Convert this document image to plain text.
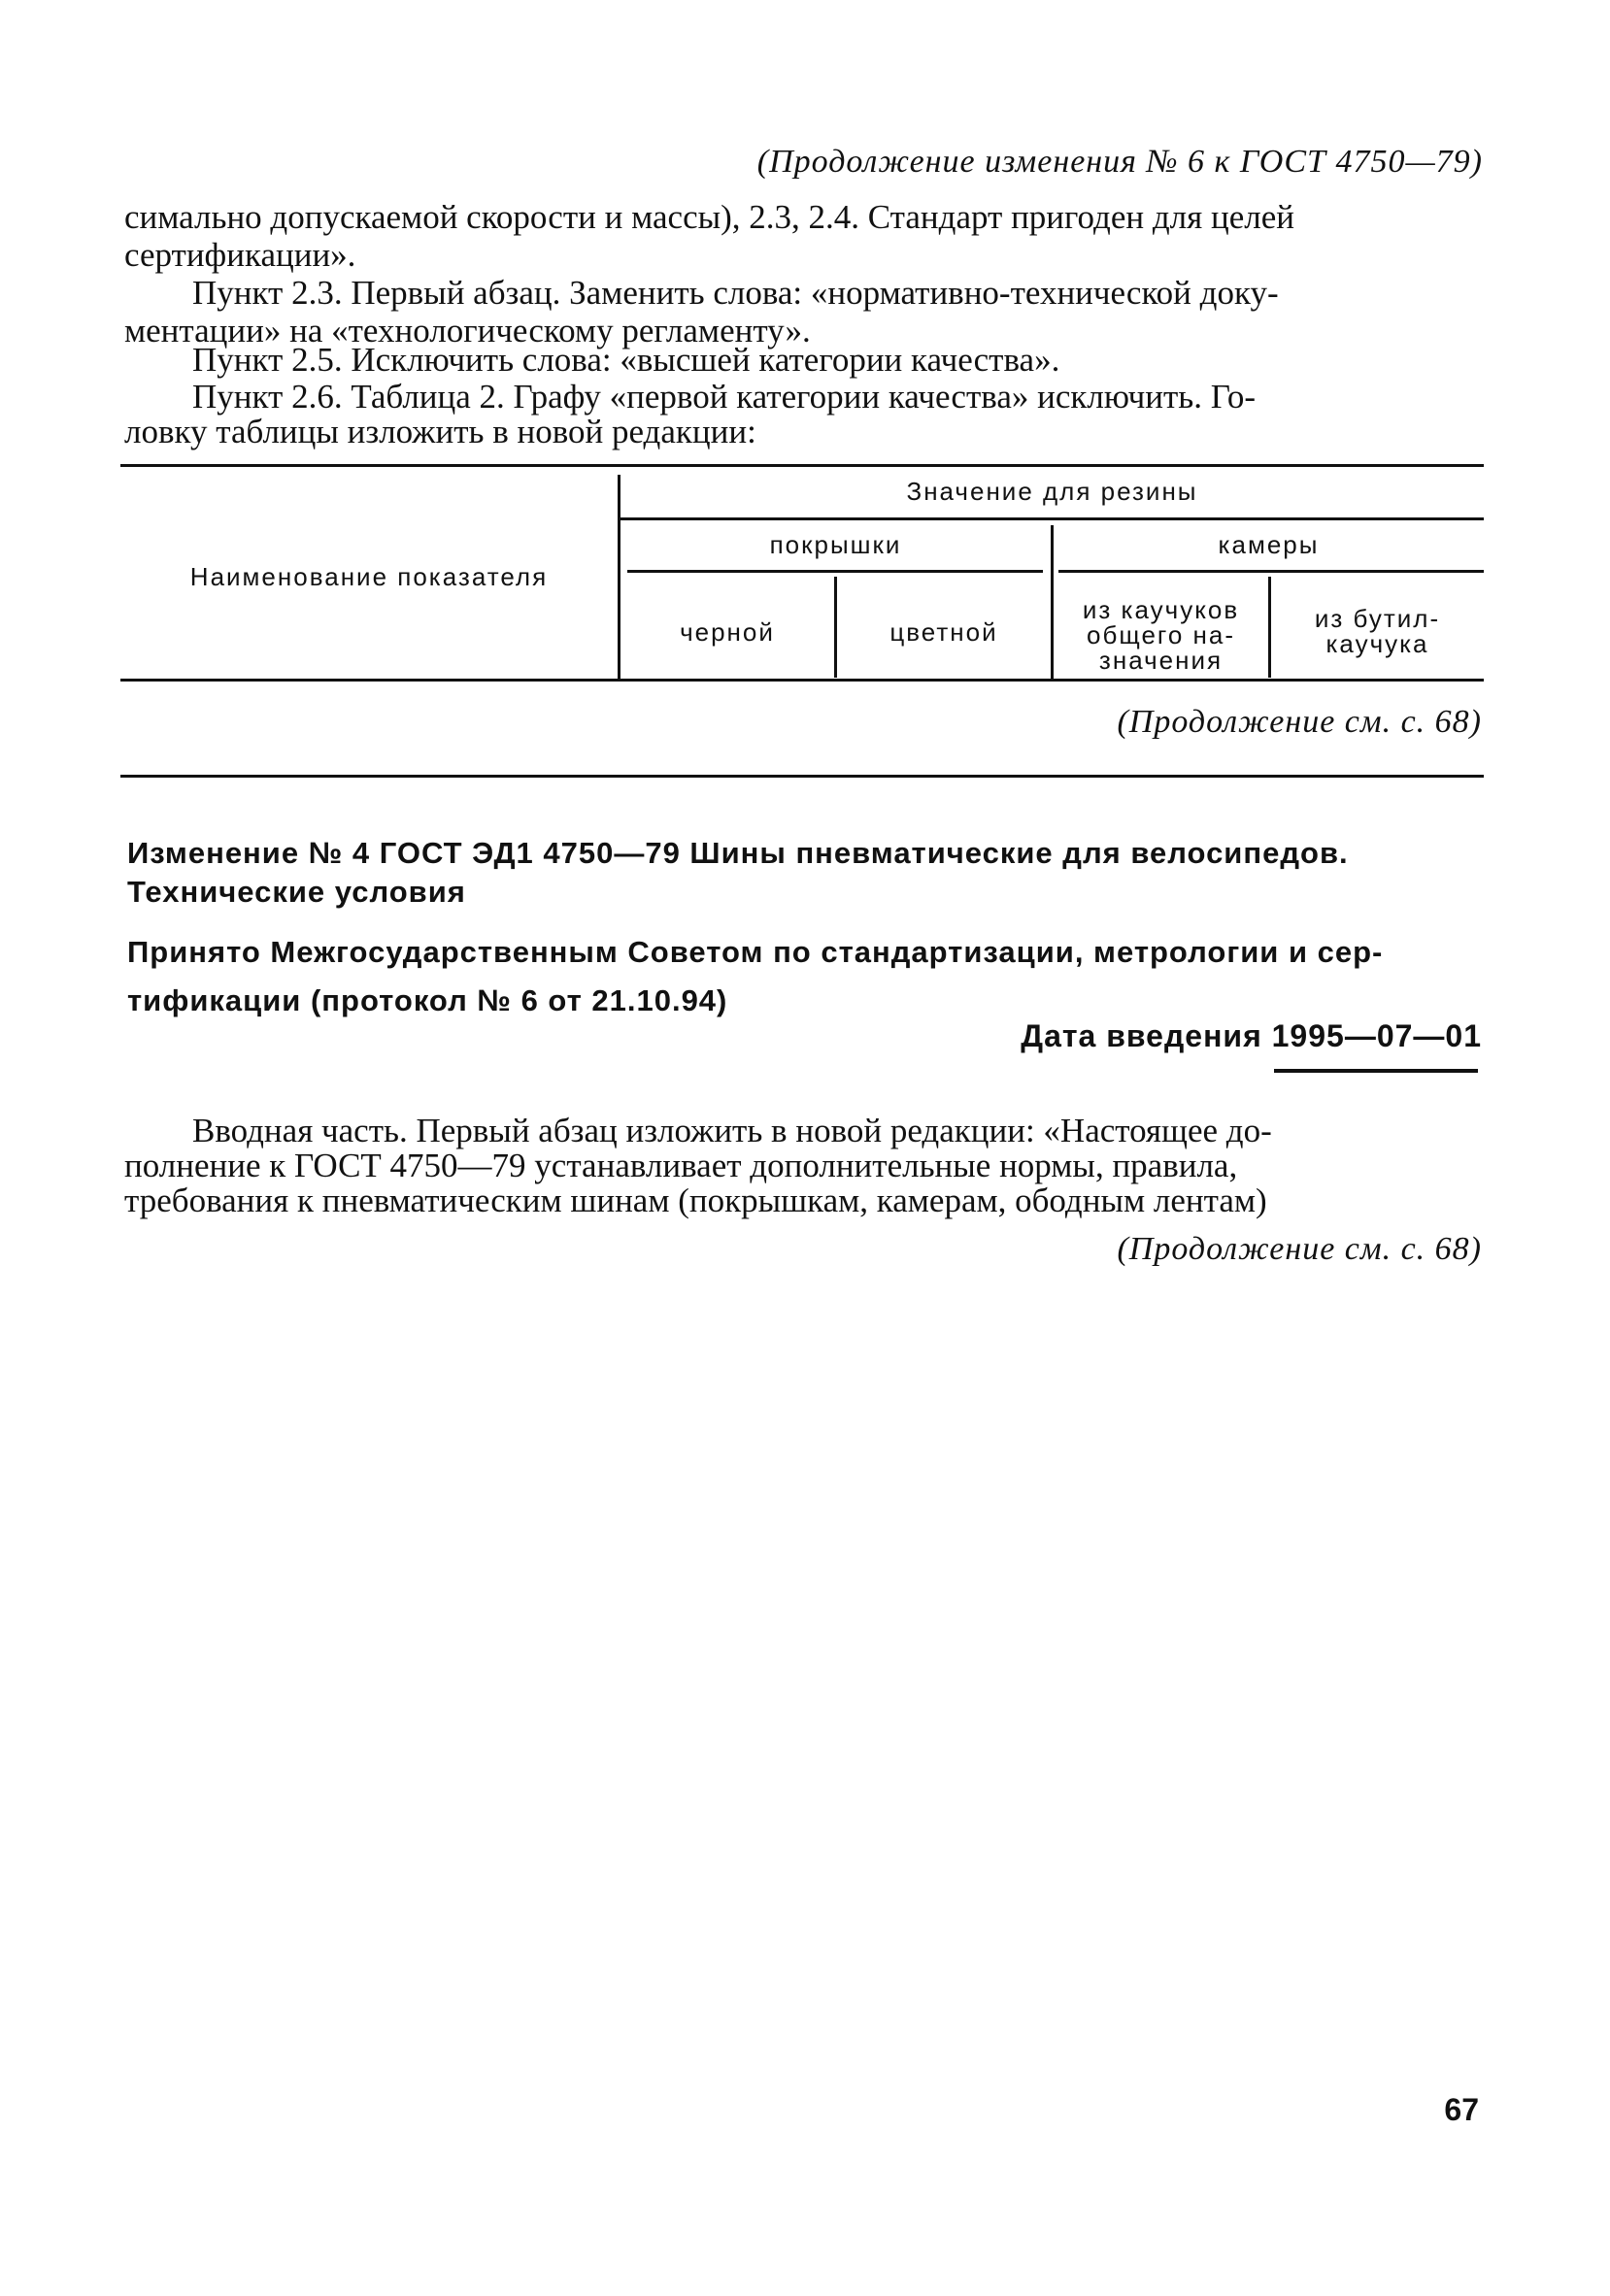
(Продолжение изменения № 6 к ГОСТ 4750—79)
симально допускаемой скорости и массы), 2.3, 2.4. Стандарт пригоден для целей
сертификации».
Пункт 2.3. Первый абзац. Заменить слова: «нормативно-технической доку-
ментации» на «технологическому регламенту».
Пункт 2.5. Исключить слова: «высшей категории качества».
Пункт 2.6. Таблица 2. Графу «первой категории качества» исключить. Го-
ловку таблицы изложить в новой редакции:
Наименование показателя
Значение для резины
покрышки	камеры
черной	цветной
из каучуков
общего на-
значения
из бутил-
каучука
(Продолжение см. с. 68)
Изменение № 4 ГОСТ ЭД1 4750—79 Шины пневматические для велосипедов.
Технические условия
Принято Межгосударственным Советом по стандартизации, метрологии и сер-
тификации (протокол № 6 от 21.10.94)
Дата введения 1995—07—01
Вводная часть. Первый абзац изложить в новой редакции: «Настоящее до-
полнение к ГОСТ 4750—79 устанавливает дополнительные нормы, правила,
требования к пневматическим шинам (покрышкам, камерам, ободным лентам)
(Продолжение см. с. 68)
67
